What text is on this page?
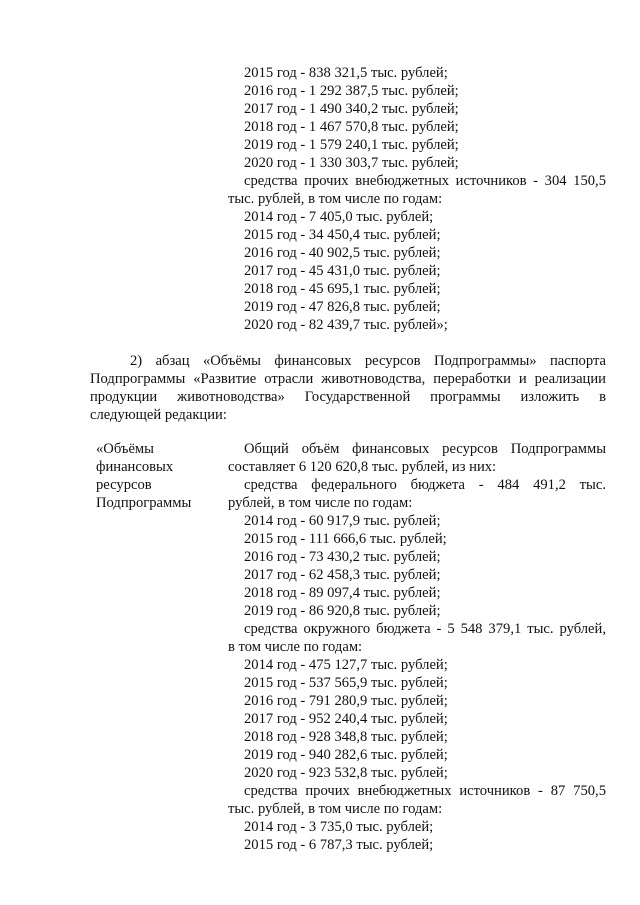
2015 год - 838 321,5 тыс. рублей;
2016 год - 1 292 387,5 тыс. рублей;
2017 год - 1 490 340,2 тыс. рублей;
2018 год - 1 467 570,8 тыс. рублей;
2019 год - 1 579 240,1 тыс. рублей;
2020 год - 1 330 303,7 тыс. рублей;
средства прочих внебюджетных источников - 304 150,5
тыс. рублей, в том числе по годам:
2014 год - 7 405,0 тыс. рублей;
2015 год - 34 450,4 тыс. рублей;
2016 год - 40 902,5 тыс. рублей;
2017 год - 45 431,0 тыс. рублей;
2018 год - 45 695,1 тыс. рублей;
2019 год - 47 826,8 тыс. рублей;
2020 год - 82 439,7 тыс. рублей»;
2) абзац «Объёмы финансовых ресурсов Подпрограммы» паспорта
Подпрограммы «Развитие отрасли животноводства, переработки и реализации
продукции животноводства» Государственной программы изложить в
следующей редакции:
«Объёмы
финансовых
ресурсов
Подпрограммы
Общий объём финансовых ресурсов Подпрограммы
составляет 6 120 620,8 тыс. рублей, из них:
средства федерального бюджета - 484 491,2 тыс.
рублей, в том числе по годам:
2014 год - 60 917,9 тыс. рублей;
2015 год - 111 666,6 тыс. рублей;
2016 год - 73 430,2 тыс. рублей;
2017 год - 62 458,3 тыс. рублей;
2018 год - 89 097,4 тыс. рублей;
2019 год - 86 920,8 тыс. рублей;
средства окружного бюджета - 5 548 379,1 тыс. рублей,
в том числе по годам:
2014 год - 475 127,7 тыс. рублей;
2015 год - 537 565,9 тыс. рублей;
2016 год - 791 280,9 тыс. рублей;
2017 год - 952 240,4 тыс. рублей;
2018 год - 928 348,8 тыс. рублей;
2019 год - 940 282,6 тыс. рублей;
2020 год - 923 532,8 тыс. рублей;
средства прочих внебюджетных источников - 87 750,5
тыс. рублей, в том числе по годам:
2014 год - 3 735,0 тыс. рублей;
2015 год - 6 787,3 тыс. рублей;
